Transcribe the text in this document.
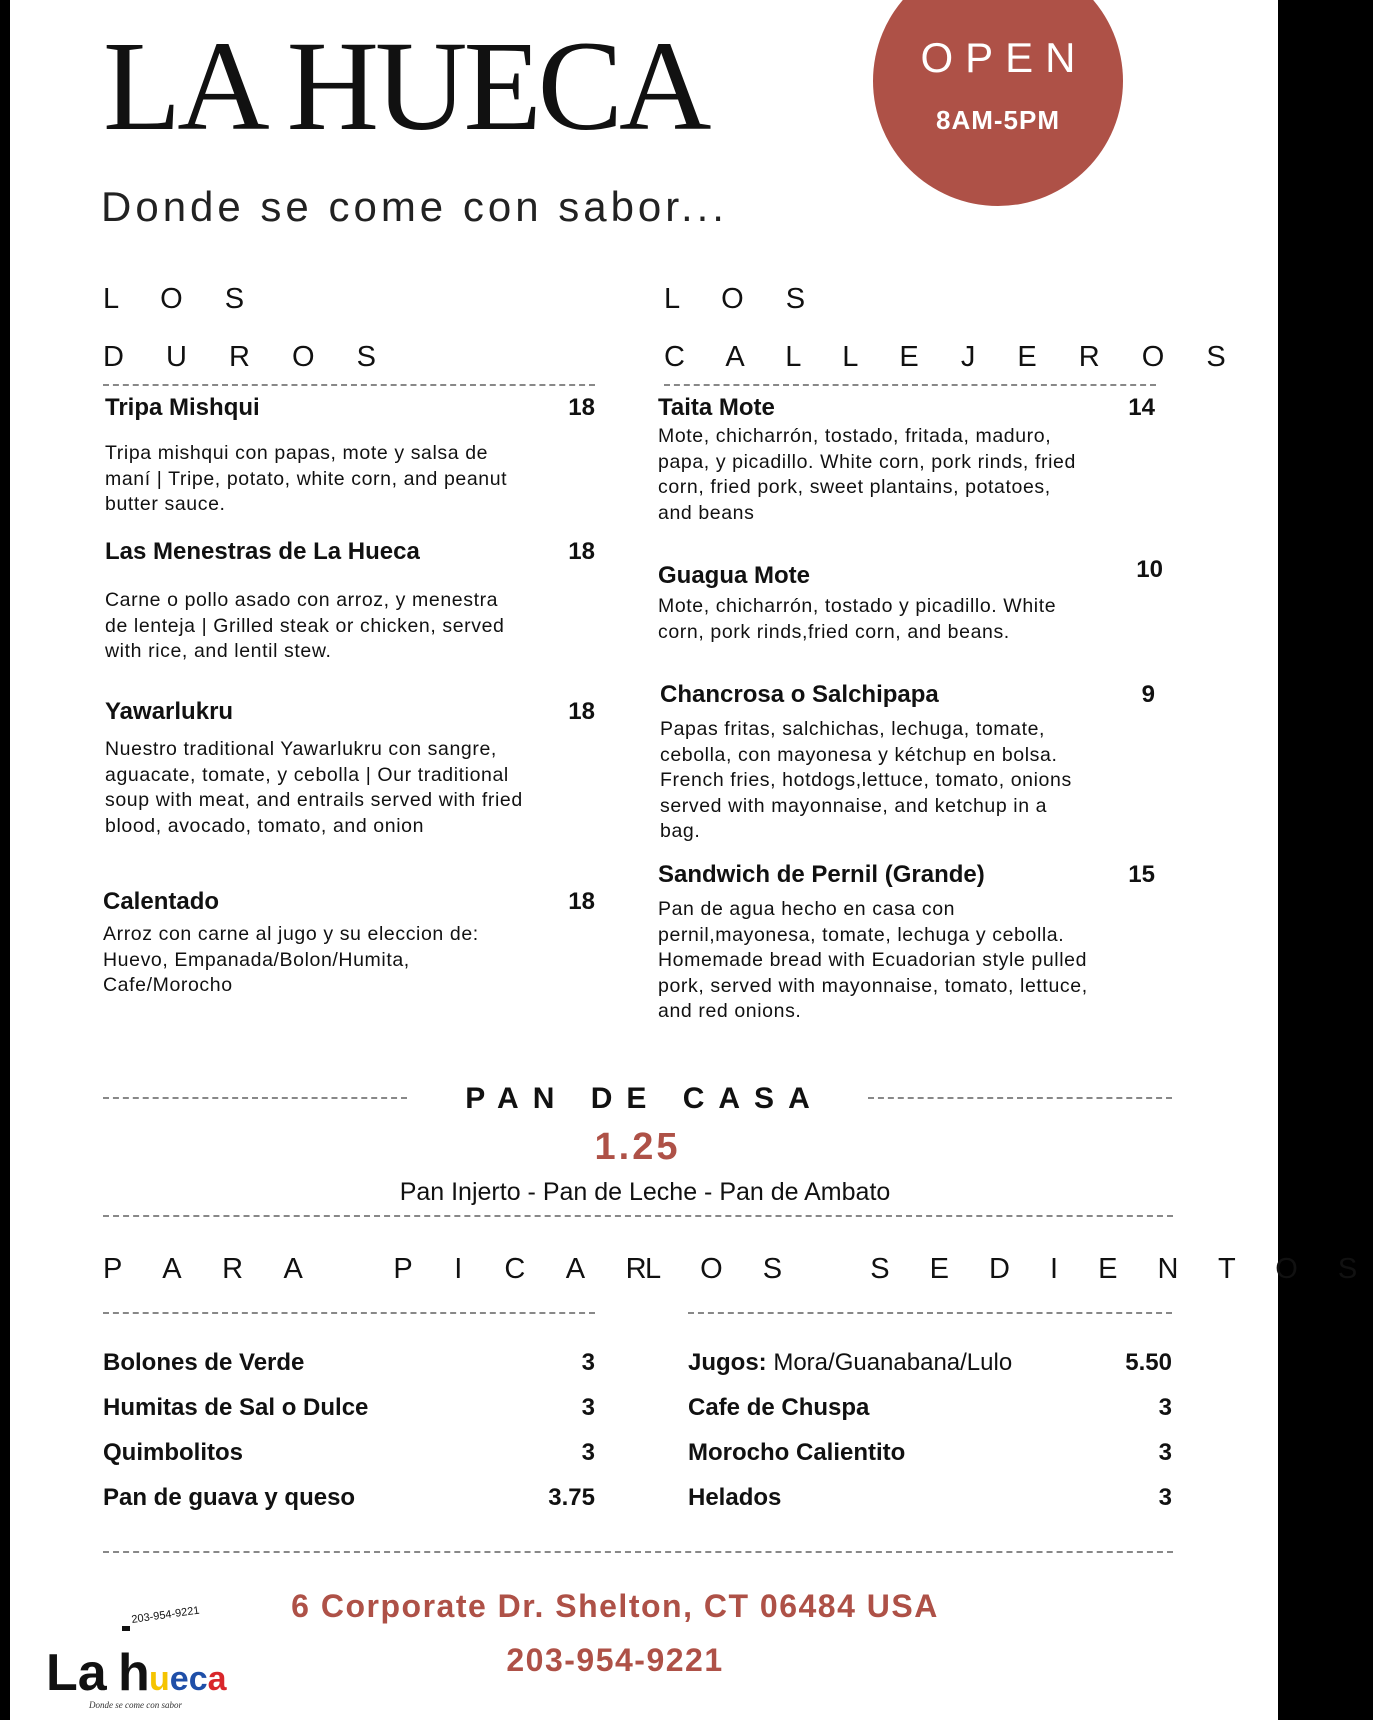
LA HUECA
Donde se come con sabor...
OPEN
8AM-5PM
L O S
D U R O S
L O S
C A L L E J E R O S
Tripa Mishqui	18
Tripa mishqui con papas, mote y salsa de maní | Tripe, potato, white corn, and peanut butter sauce.
Las Menestras de La Hueca	18
Carne o pollo asado con arroz, y menestra de lenteja | Grilled steak or chicken, served with rice, and lentil stew.
Yawarlukru	18
Nuestro traditional Yawarlukru con sangre, aguacate, tomate, y cebolla | Our traditional soup with meat, and entrails served with fried blood, avocado, tomato, and onion
Calentado	18
Arroz con carne al jugo y su eleccion de: Huevo, Empanada/Bolon/Humita, Cafe/Morocho
Taita Mote	14
Mote, chicharrón, tostado, fritada, maduro, papa, y picadillo. White corn, pork rinds, fried corn, fried pork, sweet plantains, potatoes, and beans
Guagua Mote	10
Mote, chicharrón, tostado y picadillo. White corn, pork rinds,fried corn, and beans.
Chancrosa o Salchipapa	9
Papas fritas, salchichas, lechuga, tomate, cebolla, con mayonesa y kétchup en bolsa. French fries, hotdogs,lettuce, tomato, onions served with mayonnaise, and ketchup in a bag.
Sandwich de Pernil (Grande)	15
Pan de agua hecho en casa con pernil,mayonesa, tomate, lechuga y cebolla. Homemade bread with Ecuadorian style pulled pork, served with mayonnaise, tomato, lettuce, and red onions.
PAN DE CASA
1.25
Pan Injerto - Pan de Leche - Pan de Ambato
P A R A   P I C A R
L O S   S E D I E N T O S
Bolones de Verde	3
Humitas de Sal o Dulce	3
Quimbolitos	3
Pan de guava y queso	3.75
Jugos: Mora/Guanabana/Lulo	5.50
Cafe de Chuspa	3
Morocho Calientito	3
Helados	3
6 Corporate Dr. Shelton, CT 06484 USA
203-954-9221
203-954-9221
La h ueca
Donde se come con sabor
